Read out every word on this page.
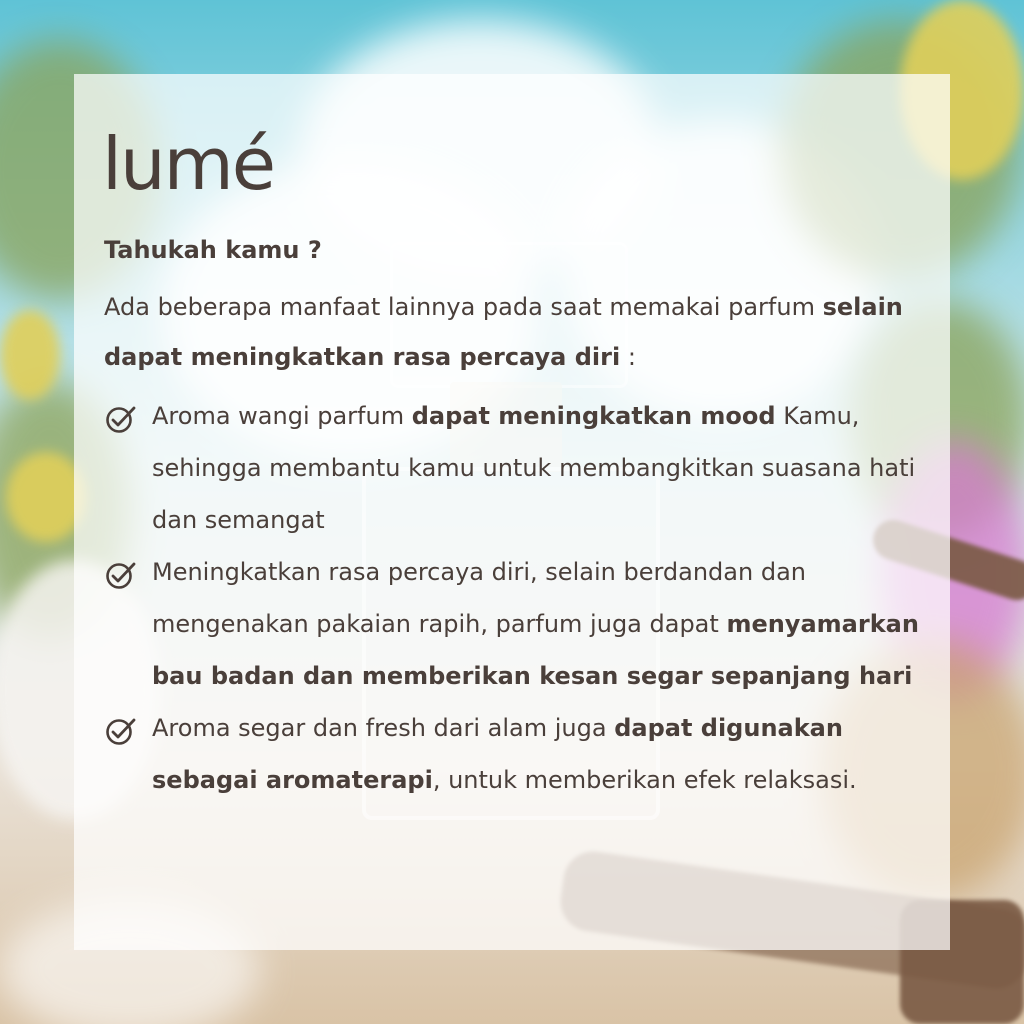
lumé
Tahukah kamu ?

Ada beberapa manfaat lainnya pada saat memakai parfum selain dapat meningkatkan rasa percaya diri :

Aroma wangi parfum dapat meningkatkan mood Kamu, sehingga membantu kamu untuk membangkitkan suasana hati dan semangat
Meningkatkan rasa percaya diri, selain berdandan dan mengenakan pakaian rapih, parfum juga dapat menyamarkan bau badan dan memberikan kesan segar sepanjang hari
Aroma segar dan fresh dari alam juga dapat digunakan sebagai aromaterapi, untuk memberikan efek relaksasi.
